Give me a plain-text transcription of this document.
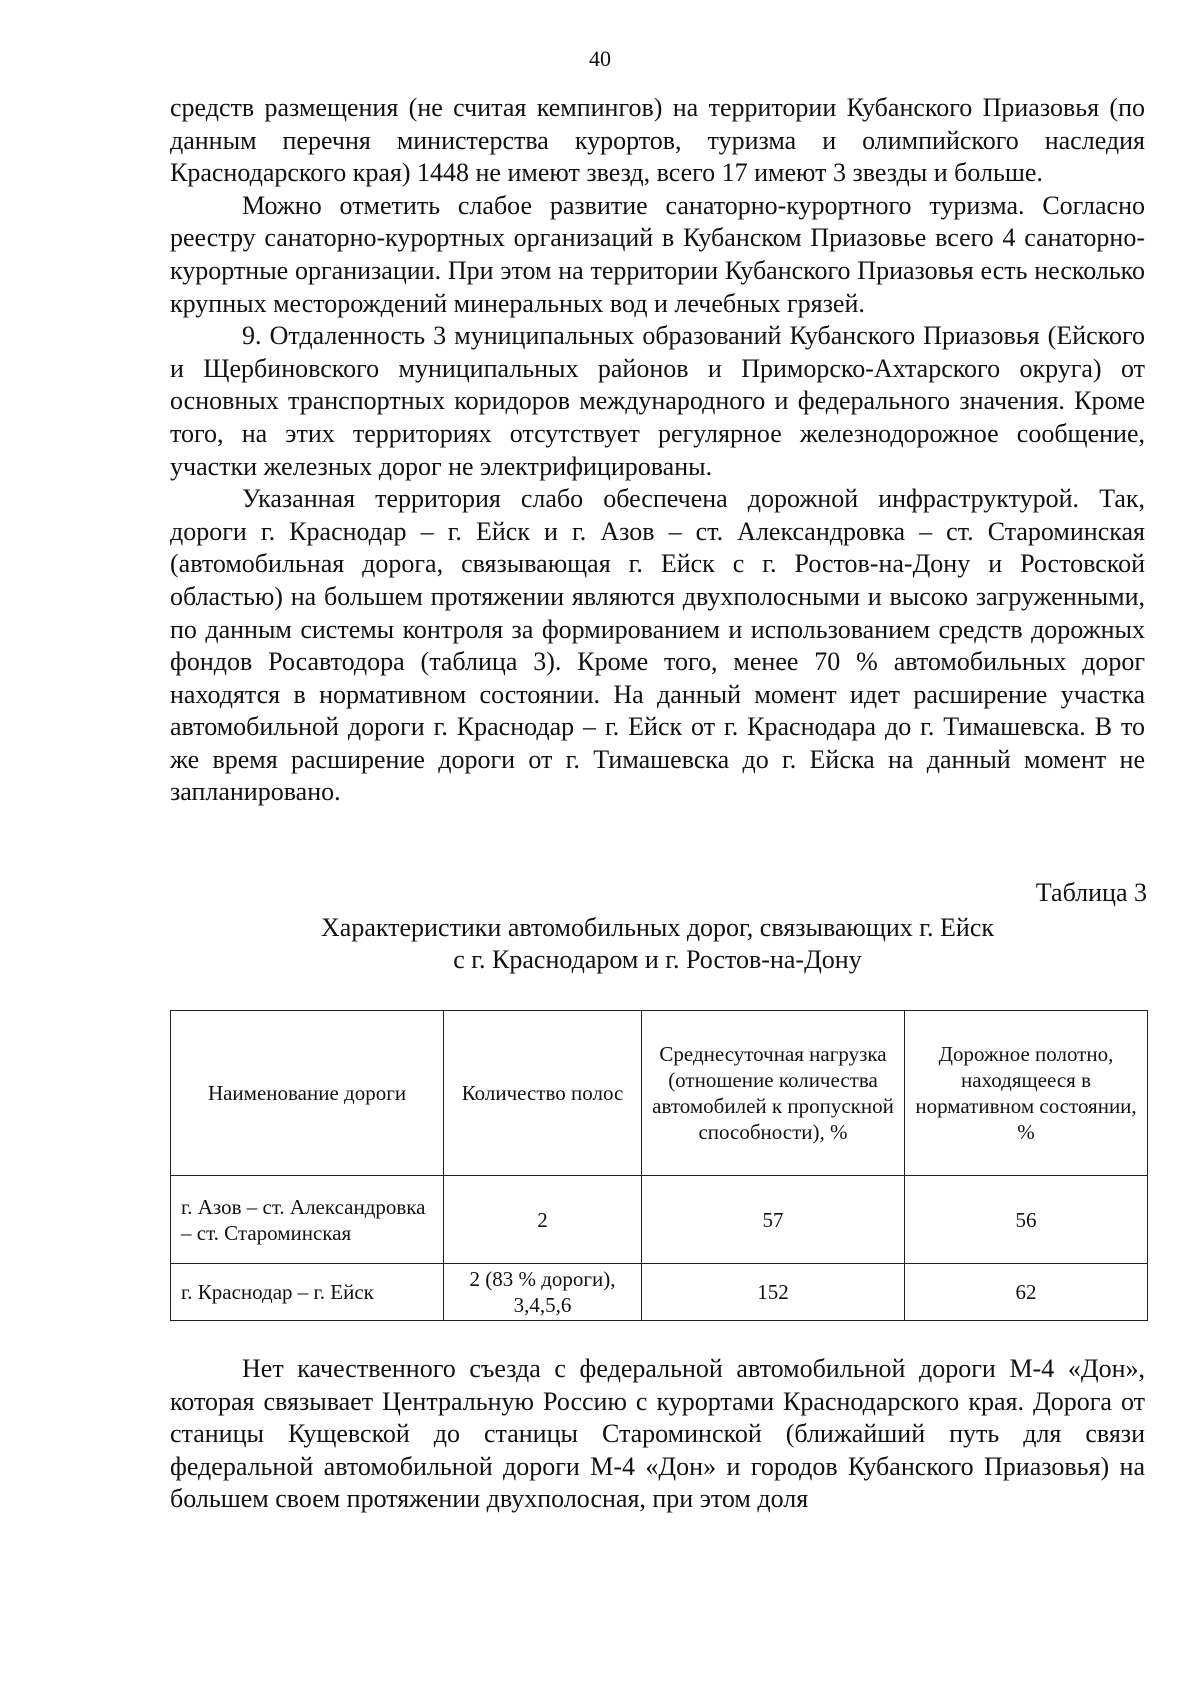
40

средств размещения (не считая кемпингов) на территории Кубанского Приазовья (по данным перечня министерства курортов, туризма и олимпийского наследия Краснодарского края) 1448 не имеют звезд, всего 17 имеют 3 звезды и больше.

Можно отметить слабое развитие санаторно-курортного туризма. Согласно реестру санаторно-курортных организаций в Кубанском Приазовье всего 4 санаторно-курортные организации. При этом на территории Кубанского Приазовья есть несколько крупных месторождений минеральных вод и лечебных грязей.

9. Отдаленность 3 муниципальных образований Кубанского Приазовья (Ейского и Щербиновского муниципальных районов и Приморско-Ахтарского округа) от основных транспортных коридоров международного и федерального значения. Кроме того, на этих территориях отсутствует регулярное железнодорожное сообщение, участки железных дорог не электрифицированы.

Указанная территория слабо обеспечена дорожной инфраструктурой. Так, дороги г. Краснодар – г. Ейск и г. Азов – ст. Александровка – ст. Староминская (автомобильная дорога, связывающая г. Ейск с г. Ростов-на-Дону и Ростовской областью) на большем протяжении являются двухполосными и высоко загруженными, по данным системы контроля за формированием и использованием средств дорожных фондов Росавтодора (таблица 3). Кроме того, менее 70 % автомобильных дорог находятся в нормативном состоянии. На данный момент идет расширение участка автомобильной дороги г. Краснодар – г. Ейск от г. Краснодара до г. Тимашевска. В то же время расширение дороги от г. Тимашевска до г. Ейска на данный момент не запланировано.

Таблица 3
Характеристики автомобильных дорог, связывающих г. Ейск
с г. Краснодаром и г. Ростов-на-Дону
Наименование дороги	Количество полос	Среднесуточная нагрузка (отношение количества автомобилей к пропускной способности), %	Дорожное полотно, находящееся в нормативном состоянии, %
г. Азов – ст. Александровка – ст. Староминская	2	57	56
г. Краснодар – г. Ейск	2 (83 % дороги), 3,4,5,6	152	62

Нет качественного съезда с федеральной автомобильной дороги М-4 «Дон», которая связывает Центральную Россию с курортами Краснодарского края. Дорога от станицы Кущевской до станицы Староминской (ближайший путь для связи федеральной автомобильной дороги М-4 «Дон» и городов Кубанского Приазовья) на большем своем протяжении двухполосная, при этом доля
